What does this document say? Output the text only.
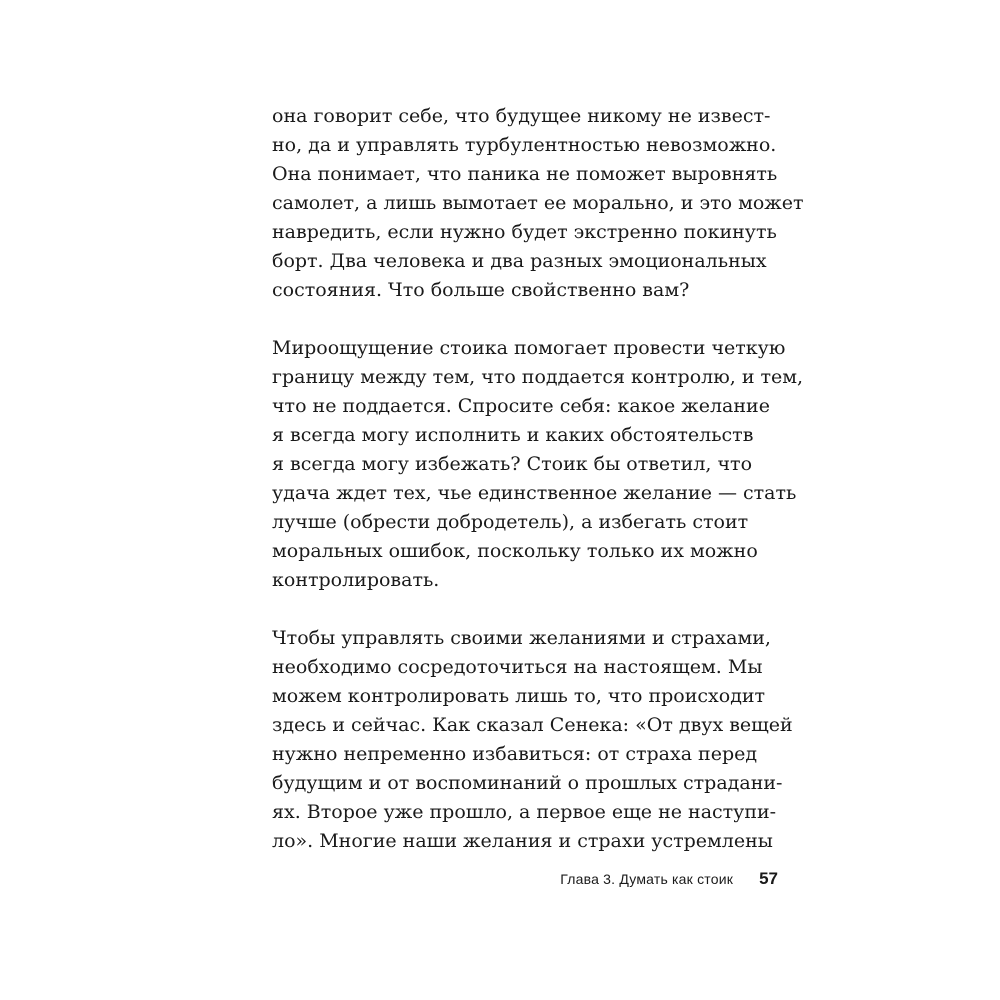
она говорит себе, что будущее никому не извест-
но, да и управлять турбулентностью невозможно.
Она понимает, что паника не поможет выровнять
самолет, а лишь вымотает ее морально, и это может
навредить, если нужно будет экстренно покинуть
борт. Два человека и два разных эмоциональных
состояния. Что больше свойственно вам?
Мироощущение стоика помогает провести четкую
границу между тем, что поддается контролю, и тем,
что не поддается. Спросите себя: какое желание
я всегда могу исполнить и каких обстоятельств
я всегда могу избежать? Стоик бы ответил, что
удача ждет тех, чье единственное желание — стать
лучше (обрести добродетель), а избегать стоит
моральных ошибок, поскольку только их можно
контролировать.
Чтобы управлять своими желаниями и страхами,
необходимо сосредоточиться на настоящем. Мы
можем контролировать лишь то, что происходит
здесь и сейчас. Как сказал Сенека: «От двух вещей
нужно непременно избавиться: от страха перед
будущим и от воспоминаний о прошлых страдани-
ях. Второе уже прошло, а первое еще не наступи-
ло». Многие наши желания и страхи устремлены
Глава 3. Думать как стоик 57
